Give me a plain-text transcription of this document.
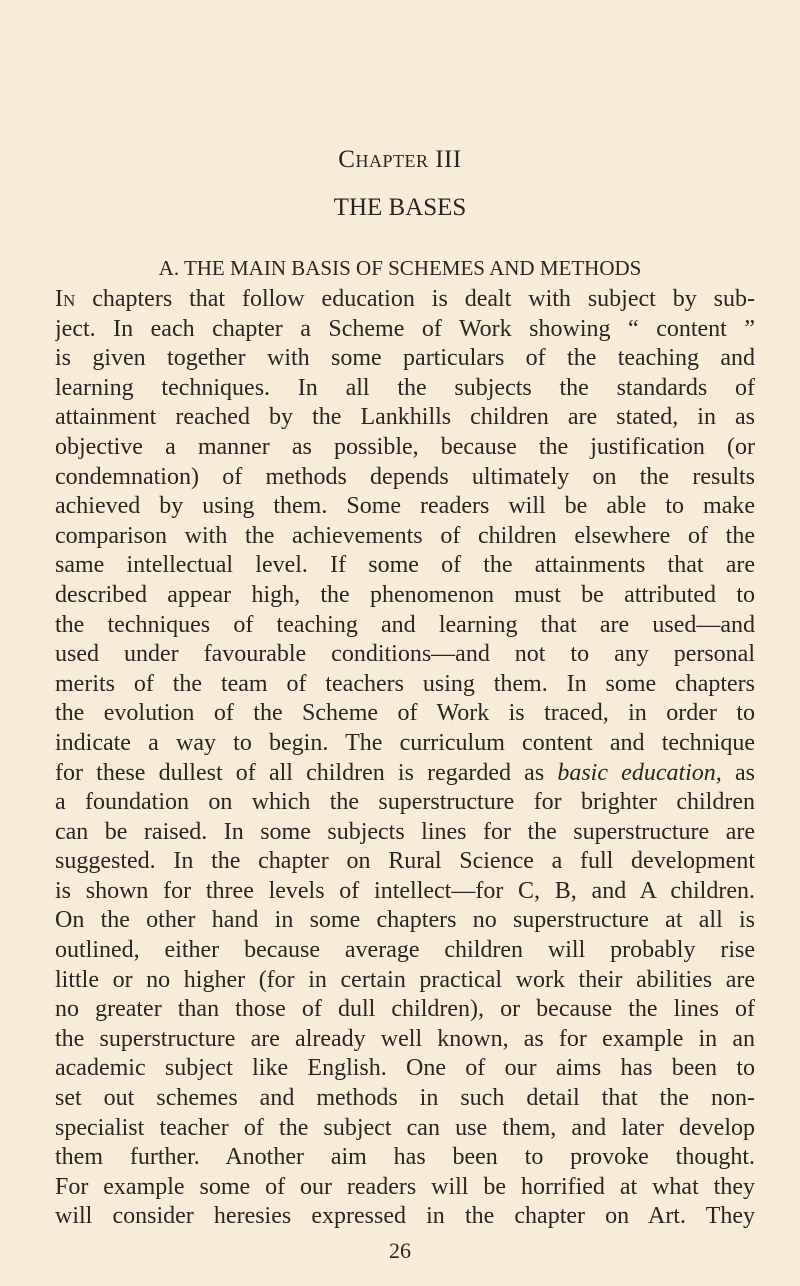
Chapter III
THE BASES
A. THE MAIN BASIS OF SCHEMES AND METHODS
In chapters that follow education is dealt with subject by sub-
ject. In each chapter a Scheme of Work showing “ content ”
is given together with some particulars of the teaching and
learning techniques. In all the subjects the standards of
attainment reached by the Lankhills children are stated, in as
objective a manner as possible, because the justification (or
condemnation) of methods depends ultimately on the results
achieved by using them. Some readers will be able to make
comparison with the achievements of children elsewhere of the
same intellectual level. If some of the attainments that are
described appear high, the phenomenon must be attributed to
the techniques of teaching and learning that are used—and
used under favourable conditions—and not to any personal
merits of the team of teachers using them. In some chapters
the evolution of the Scheme of Work is traced, in order to
indicate a way to begin. The curriculum content and technique
for these dullest of all children is regarded as basic education, as
a foundation on which the superstructure for brighter children
can be raised. In some subjects lines for the superstructure are
suggested. In the chapter on Rural Science a full development
is shown for three levels of intellect—for C, B, and A children.
On the other hand in some chapters no superstructure at all is
outlined, either because average children will probably rise
little or no higher (for in certain practical work their abilities are
no greater than those of dull children), or because the lines of
the superstructure are already well known, as for example in an
academic subject like English. One of our aims has been to
set out schemes and methods in such detail that the non-
specialist teacher of the subject can use them, and later develop
them further. Another aim has been to provoke thought.
For example some of our readers will be horrified at what they
will consider heresies expressed in the chapter on Art. They
26
